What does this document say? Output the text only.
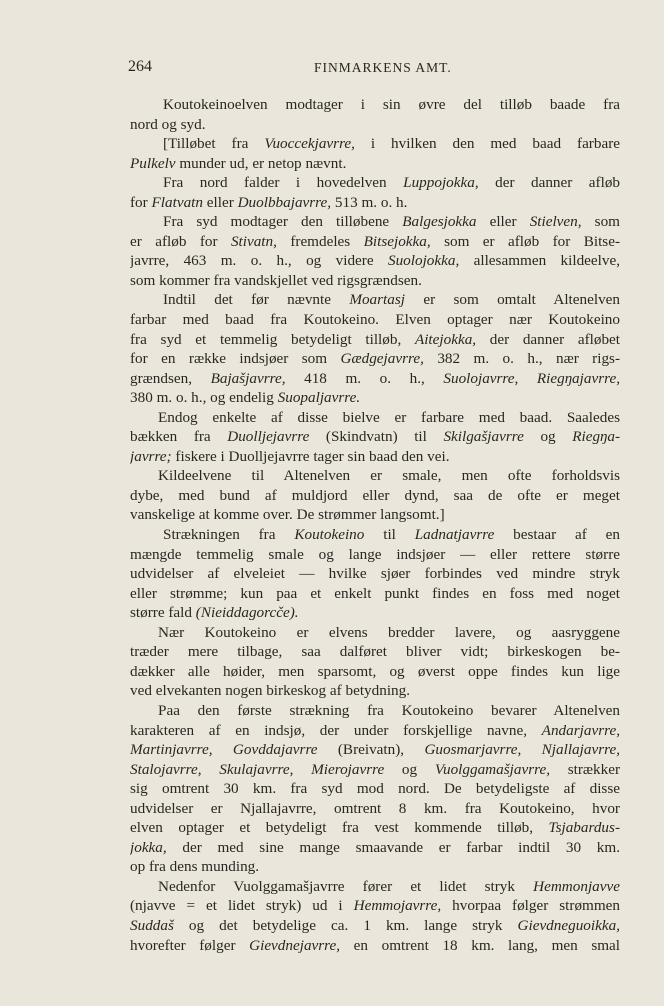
264	FINMARKENS AMT.
Koutokeinoelven modtager i sin øvre del tilløb baade fra
nord og syd.
[Tilløbet fra Vuoccekjavrre, i hvilken den med baad farbare
Pulkelv munder ud, er netop nævnt.
Fra nord falder i hovedelven Luppojokka, der danner afløb
for Flatvatn eller Duolbbajavrre, 513 m. o. h.
Fra syd modtager den tilløbene Balgesjokka eller Stielven, som
er afløb for Stivatn, fremdeles Bitsejokka, som er afløb for Bitse-
javrre, 463 m. o. h., og videre Suolojokka, allesammen kildeelve,
som kommer fra vandskjellet ved rigsgrændsen.
Indtil det før nævnte Moartasj er som omtalt Altenelven
farbar med baad fra Koutokeino. Elven optager nær Koutokeino
fra syd et temmelig betydeligt tilløb, Aitejokka, der danner afløbet
for en række indsjøer som Gædgejavrre, 382 m. o. h., nær rigs-
grændsen, Bajašjavrre, 418 m. o. h., Suolojavrre, Riegŋajavrre,
380 m. o. h., og endelig Suopaljavrre.
Endog enkelte af disse bielve er farbare med baad. Saaledes
bækken fra Duolljejavrre (Skindvatn) til Skilgašjavrre og Riegŋa-
javrre; fiskere i Duolljejavrre tager sin baad den vei.
Kildeelvene til Altenelven er smale, men ofte forholdsvis
dybe, med bund af muldjord eller dynd, saa de ofte er meget
vanskelige at komme over. De strømmer langsomt.]
Strækningen fra Koutokeino til Ladnatjavrre bestaar af en
mængde temmelig smale og lange indsjøer — eller rettere større
udvidelser af elveleiet — hvilke sjøer forbindes ved mindre stryk
eller strømme; kun paa et enkelt punkt findes en foss med noget
større fald (Nieiddagorcče).
Nær Koutokeino er elvens bredder lavere, og aasryggene
træder mere tilbage, saa dalføret bliver vidt; birkeskogen be-
dækker alle høider, men sparsomt, og øverst oppe findes kun lige
ved elvekanten nogen birkeskog af betydning.
Paa den første strækning fra Koutokeino bevarer Altenelven
karakteren af en indsjø, der under forskjellige navne, Andarjavrre,
Martinjavrre, Govddajavrre (Breivatn), Guosmarjavrre, Njallajavrre,
Stalojavrre, Skulajavrre, Mierojavrre og Vuolggamašjavrre, strækker
sig omtrent 30 km. fra syd mod nord. De betydeligste af disse
udvidelser er Njallajavrre, omtrent 8 km. fra Koutokeino, hvor
elven optager et betydeligt fra vest kommende tilløb, Tsjabardus-
jokka, der med sine mange smaavande er farbar indtil 30 km.
op fra dens munding.
Nedenfor Vuolggamašjavrre fører et lidet stryk Hemmonjavve
(njavve = et lidet stryk) ud i Hemmojavrre, hvorpaa følger strømmen
Suddaš og det betydelige ca. 1 km. lange stryk Gievdneguoikka,
hvorefter følger Gievdnejavrre, en omtrent 18 km. lang, men smal
